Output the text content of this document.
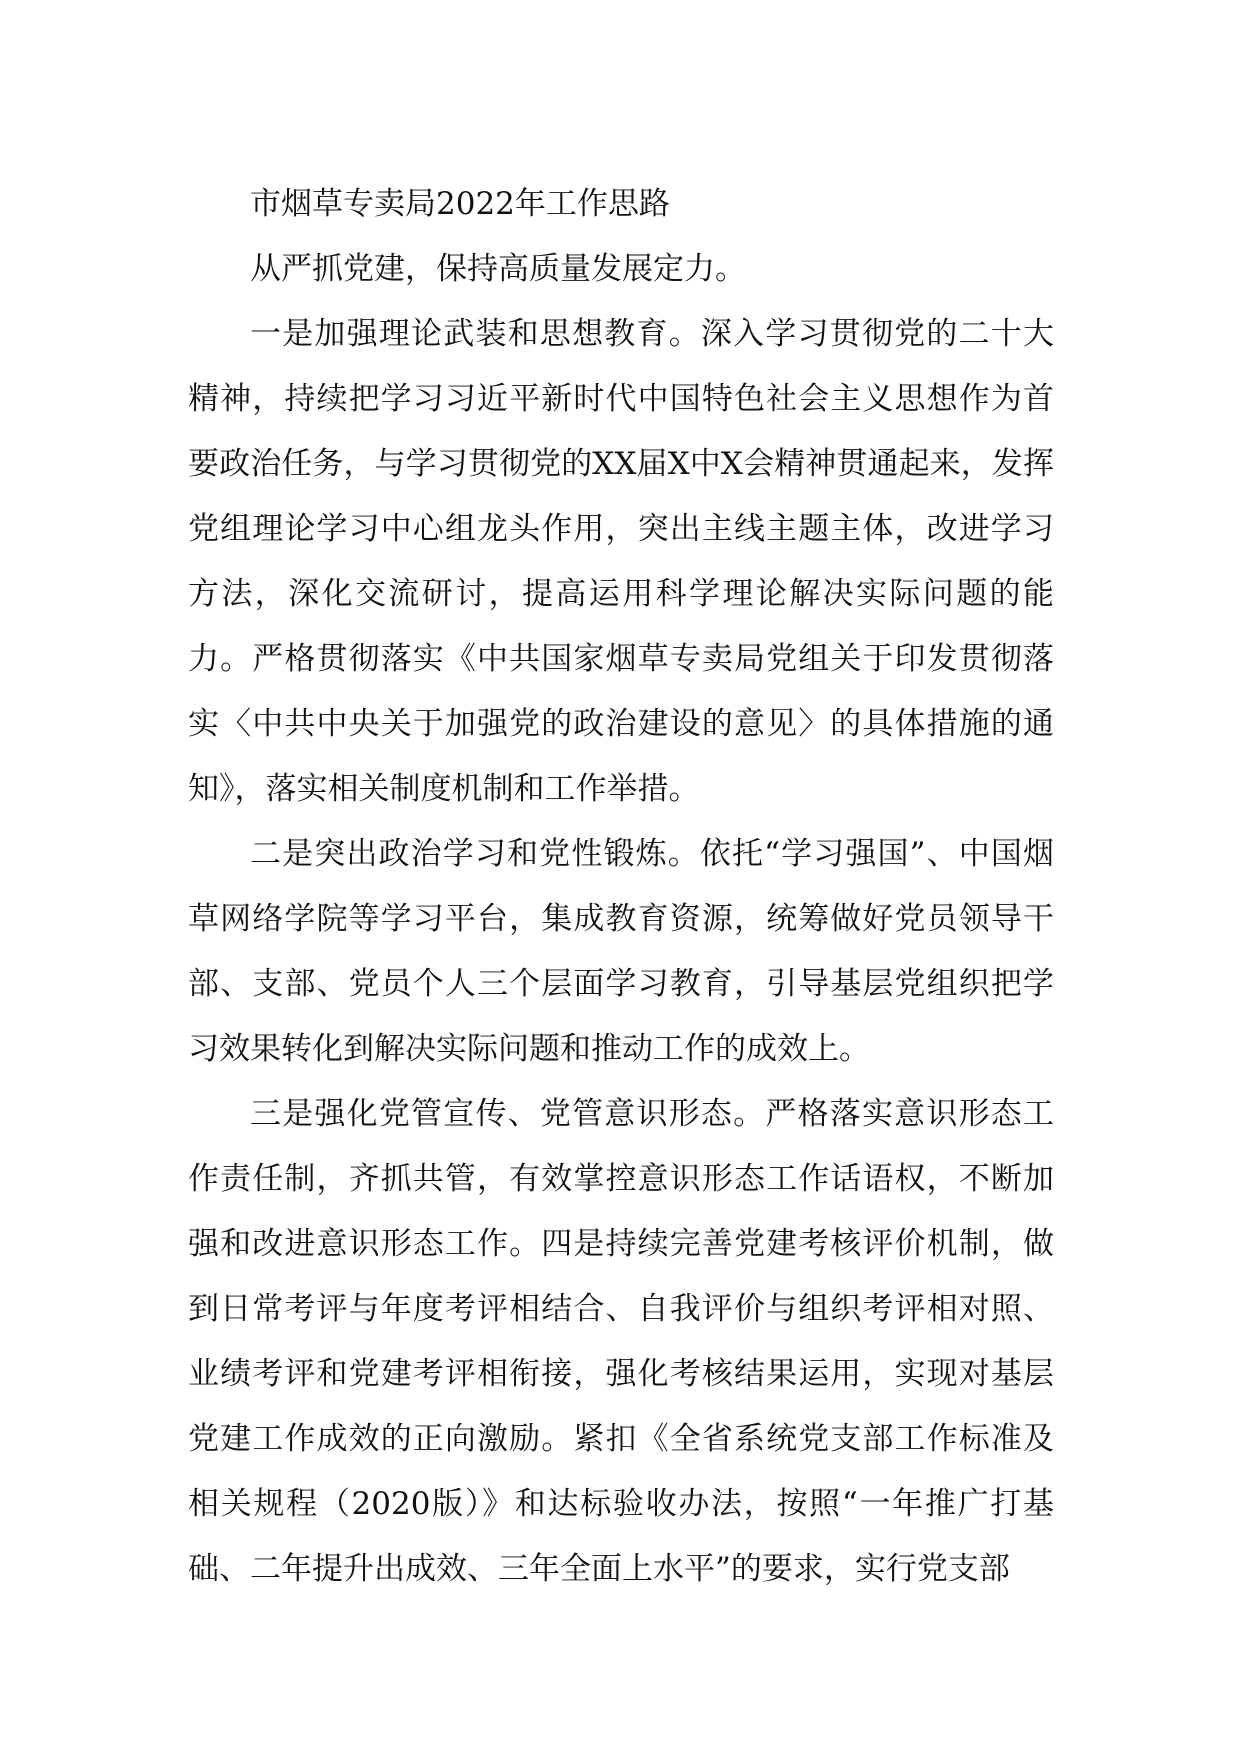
市烟草专卖局2022年工作思路

从严抓党建，保持高质量发展定力。

一是加强理论武装和思想教育。深入学习贯彻党的二十大精神，持续把学习习近平新时代中国特色社会主义思想作为首要政治任务，与学习贯彻党的XX届X中X会精神贯通起来，发挥党组理论学习中心组龙头作用，突出主线主题主体，改进学习方法，深化交流研讨，提高运用科学理论解决实际问题的能力。严格贯彻落实《中共国家烟草专卖局党组关于印发贯彻落实〈中共中央关于加强党的政治建设的意见〉的具体措施的通知》，落实相关制度机制和工作举措。

二是突出政治学习和党性锻炼。依托“学习强国”、中国烟草网络学院等学习平台，集成教育资源，统筹做好党员领导干部、支部、党员个人三个层面学习教育，引导基层党组织把学习效果转化到解决实际问题和推动工作的成效上。

三是强化党管宣传、党管意识形态。严格落实意识形态工作责任制，齐抓共管，有效掌控意识形态工作话语权，不断加强和改进意识形态工作。四是持续完善党建考核评价机制，做到日常考评与年度考评相结合、自我评价与组织考评相对照、业绩考评和党建考评相衔接，强化考核结果运用，实现对基层党建工作成效的正向激励。紧扣《全省系统党支部工作标准及相关规程（2020版）》和达标验收办法，按照“一年推广打基础、二年提升出成效、三年全面上水平”的要求，实行党支部
